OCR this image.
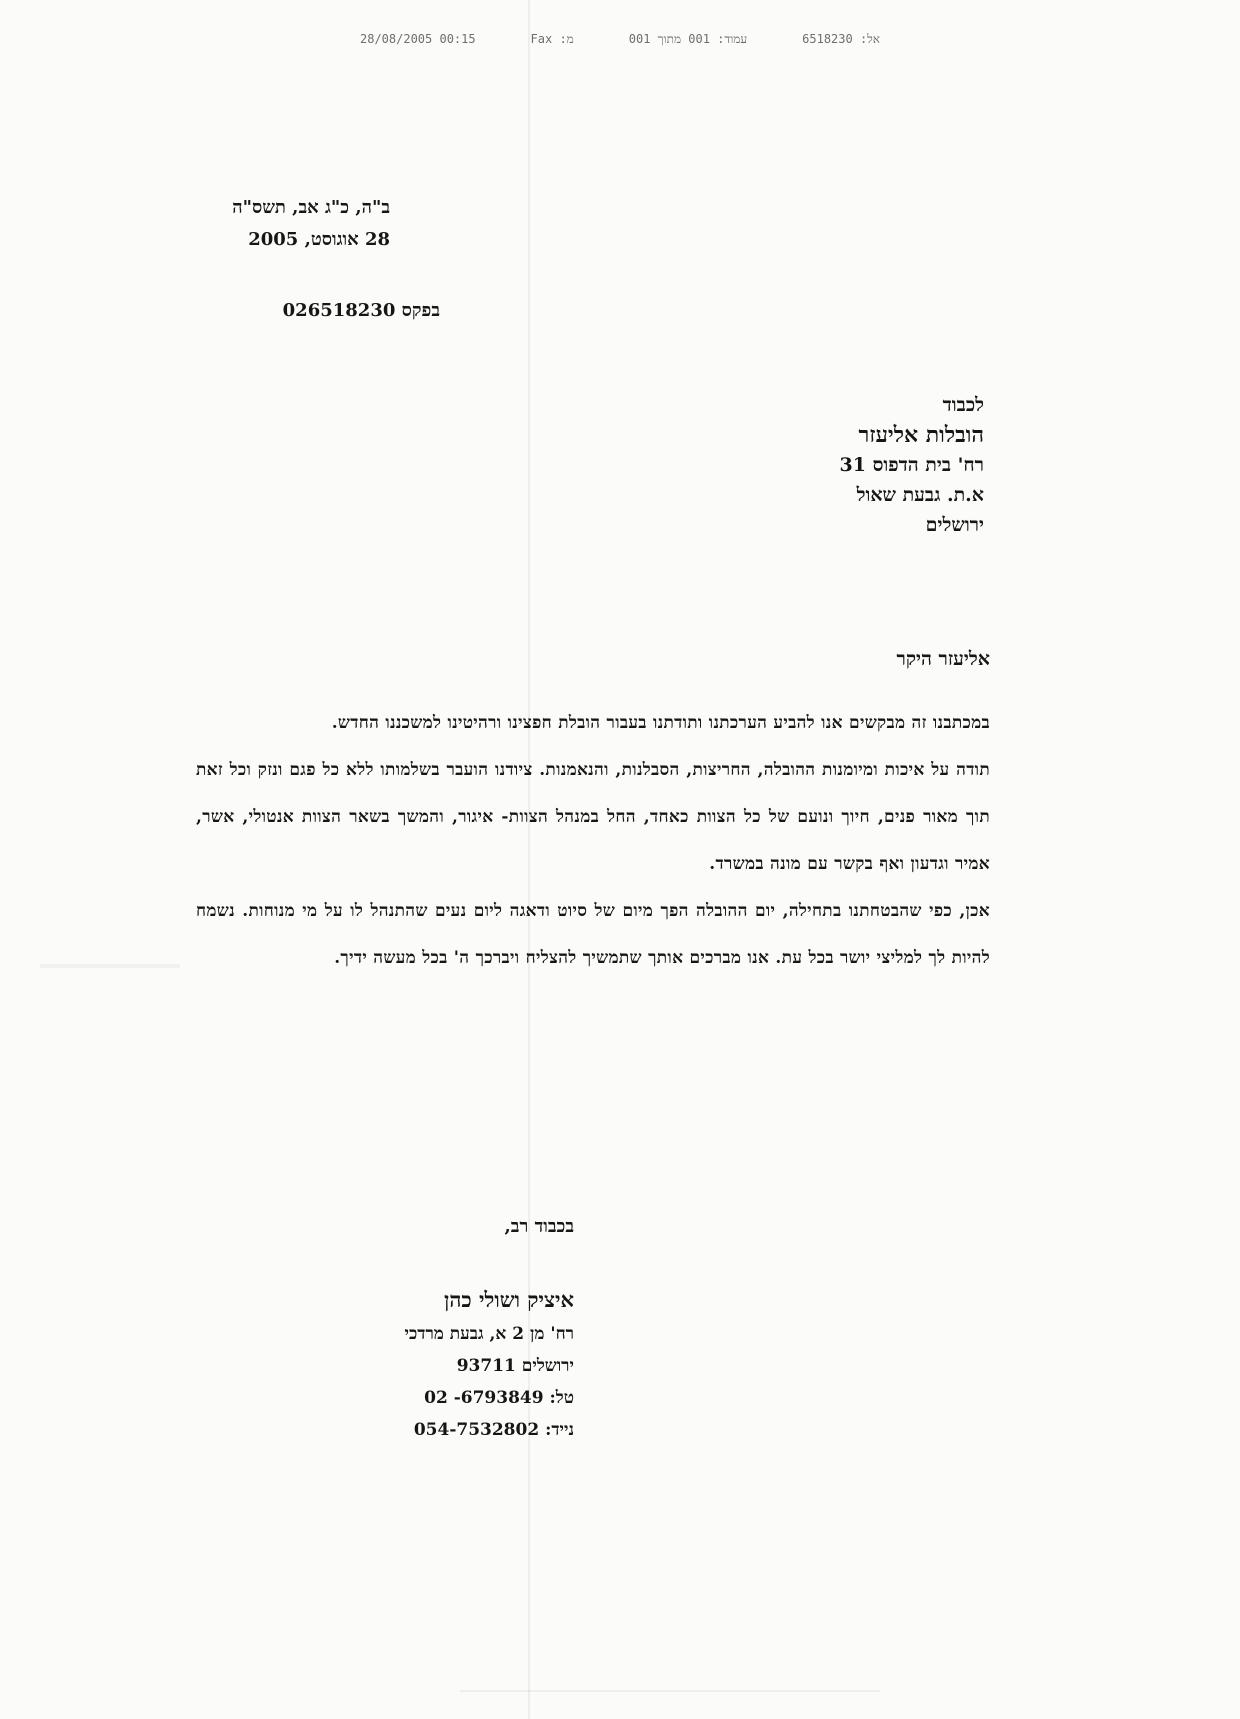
28/08/2005 00:15	מ: Fax	עמוד: 001 מתוך 001	אל: 6518230
ב"ה, כ"ג אב, תשס"ה
28 אוגוסט, 2005
בפקס 026518230
לכבוד
הובלות אליעזר
רח' בית הדפוס 31
א.ת. גבעת שאול
ירושלים
אליעזר היקר

במכתבנו זה מבקשים אנו להביע הערכתנו ותודתנו בעבור הובלת חפצינו ורהיטינו למשכננו החדש.

תודה על איכות ומיומנות ההובלה, החריצות, הסבלנות, והנאמנות. ציודנו הועבר בשלמותו ללא כל פגם ונזק וכל זאת תוך מאור פנים, חיוך ונועם של כל הצוות כאחד, החל במנהל הצוות- איגור, והמשך בשאר הצוות אנטולי, אשר, אמיר וגדעון ואף בקשר עם מונה במשרד.

אכן, כפי שהבטחתנו בתחילה, יום ההובלה הפך מיום של סיוט ודאגה ליום נעים שהתנהל לו על מי מנוחות. נשמח להיות לך למליצי יושר בכל עת. אנו מברכים אותך שתמשיך להצליח ויברכך ה' בכל מעשה ידיך.

בכבוד רב,
איציק ושולי כהן
רח' מן 2 א, גבעת מרדכי
ירושלים 93711
טל: 02 -6793849
נייד: 054-7532802
